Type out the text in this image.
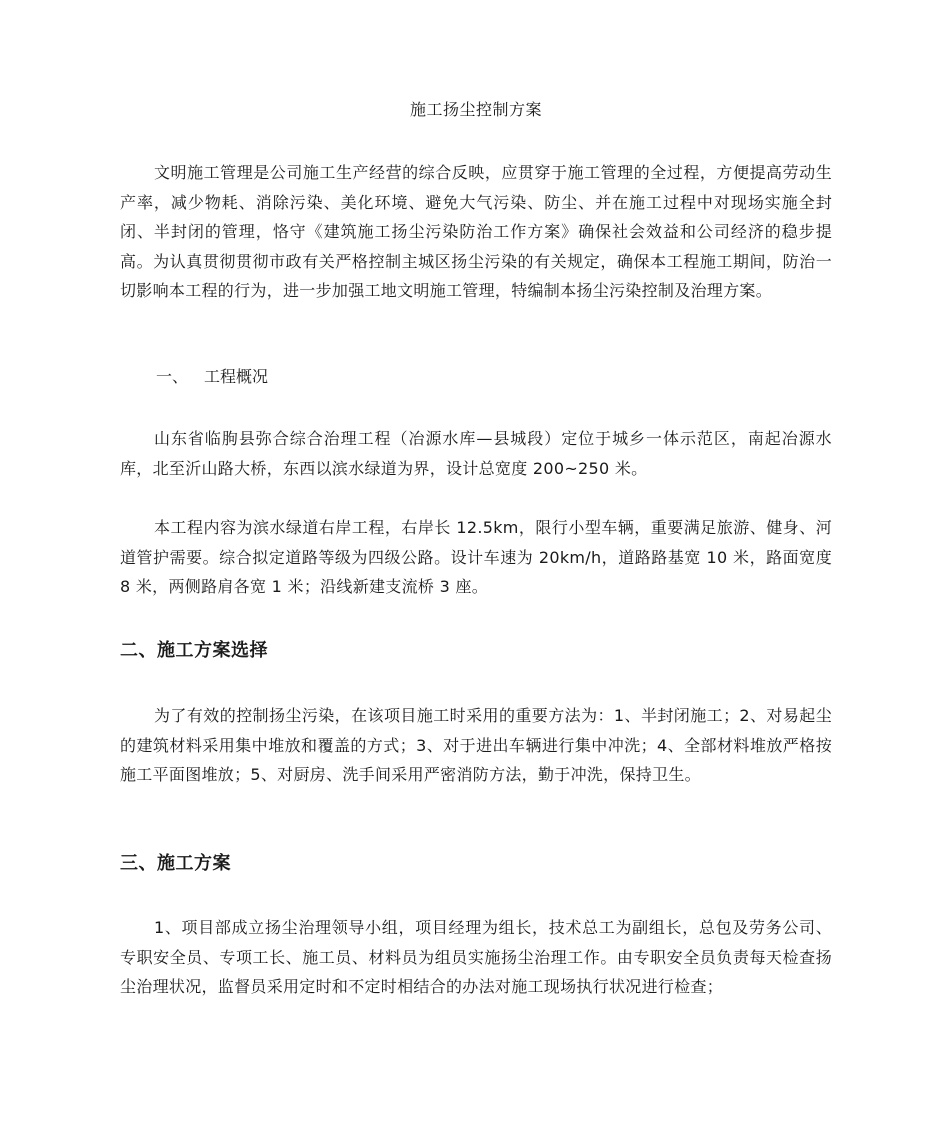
施工扬尘控制方案

文明施工管理是公司施工生产经营的综合反映，应贯穿于施工管理的全过程，方便提高劳动生产率，减少物耗、消除污染、美化环境、避免大气污染、防尘、并在施工过程中对现场实施全封闭、半封闭的管理，恪守《建筑施工扬尘污染防治工作方案》确保社会效益和公司经济的稳步提高。为认真贯彻贯彻市政有关严格控制主城区扬尘污染的有关规定，确保本工程施工期间，防治一切影响本工程的行为，进一步加强工地文明施工管理，特编制本扬尘污染控制及治理方案。

一、 工程概况

山东省临朐县弥合综合治理工程（冶源水库—县城段）定位于城乡一体示范区，南起冶源水库，北至沂山路大桥，东西以滨水绿道为界，设计总宽度 200~250 米。

本工程内容为滨水绿道右岸工程，右岸长 12.5km，限行小型车辆，重要满足旅游、健身、河道管护需要。综合拟定道路等级为四级公路。设计车速为 20km/h，道路路基宽 10 米，路面宽度 8 米，两侧路肩各宽 1 米；沿线新建支流桥 3 座。

二、施工方案选择

为了有效的控制扬尘污染，在该项目施工时采用的重要方法为：1、半封闭施工；2、对易起尘的建筑材料采用集中堆放和覆盖的方式；3、对于进出车辆进行集中冲洗；4、全部材料堆放严格按施工平面图堆放；5、对厨房、洗手间采用严密消防方法，勤于冲洗，保持卫生。

三、施工方案

1、项目部成立扬尘治理领导小组，项目经理为组长，技术总工为副组长，总包及劳务公司、专职安全员、专项工长、施工员、材料员为组员实施扬尘治理工作。由专职安全员负责每天检查扬尘治理状况，监督员采用定时和不定时相结合的办法对施工现场执行状况进行检查；
